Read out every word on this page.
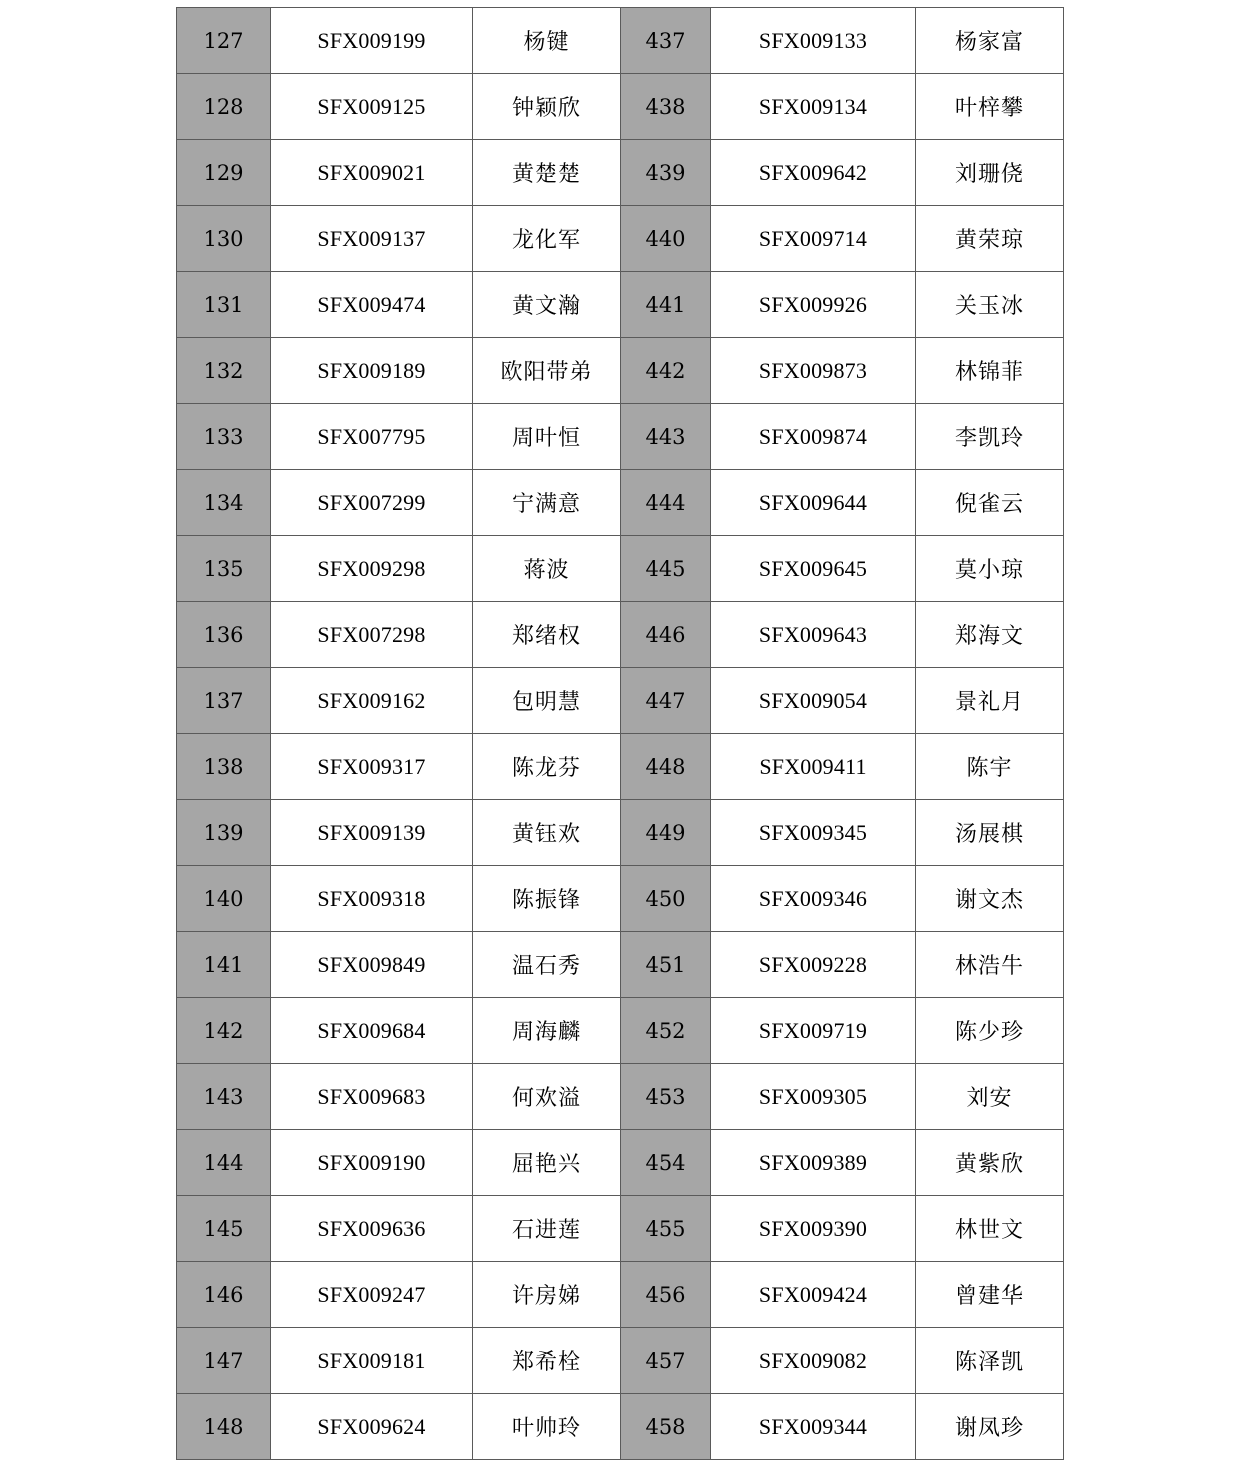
127	SFX009199	杨键	437	SFX009133	杨家富
128	SFX009125	钟颖欣	438	SFX009134	叶梓攀
129	SFX009021	黄楚楚	439	SFX009642	刘珊侥
130	SFX009137	龙化军	440	SFX009714	黄荣琼
131	SFX009474	黄文瀚	441	SFX009926	关玉冰
132	SFX009189	欧阳带弟	442	SFX009873	林锦菲
133	SFX007795	周叶恒	443	SFX009874	李凯玲
134	SFX007299	宁满意	444	SFX009644	倪雀云
135	SFX009298	蒋波	445	SFX009645	莫小琼
136	SFX007298	郑绪权	446	SFX009643	郑海文
137	SFX009162	包明慧	447	SFX009054	景礼月
138	SFX009317	陈龙芬	448	SFX009411	陈宇
139	SFX009139	黄钰欢	449	SFX009345	汤展棋
140	SFX009318	陈振锋	450	SFX009346	谢文杰
141	SFX009849	温石秀	451	SFX009228	林浩牛
142	SFX009684	周海麟	452	SFX009719	陈少珍
143	SFX009683	何欢溢	453	SFX009305	刘安
144	SFX009190	屈艳兴	454	SFX009389	黄紫欣
145	SFX009636	石进莲	455	SFX009390	林世文
146	SFX009247	许房娣	456	SFX009424	曾建华
147	SFX009181	郑希栓	457	SFX009082	陈泽凯
148	SFX009624	叶帅玲	458	SFX009344	谢凤珍
